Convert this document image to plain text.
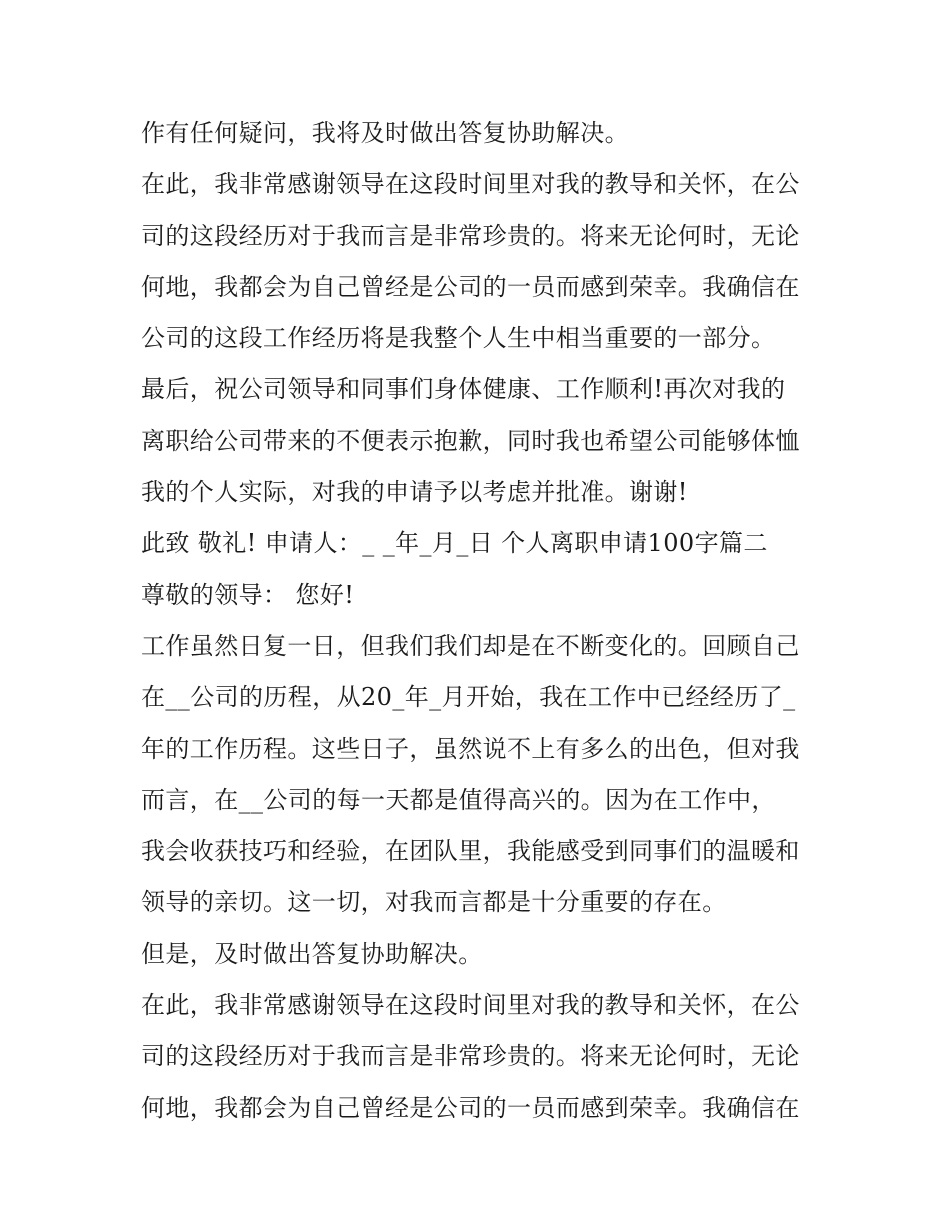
作有任何疑问，我将及时做出答复协助解决。
在此，我非常感谢领导在这段时间里对我的教导和关怀，在公
司的这段经历对于我而言是非常珍贵的。将来无论何时，无论
何地，我都会为自己曾经是公司的一员而感到荣幸。我确信在
公司的这段工作经历将是我整个人生中相当重要的一部分。
最后，祝公司领导和同事们身体健康、工作顺利!再次对我的
离职给公司带来的不便表示抱歉，同时我也希望公司能够体恤
我的个人实际，对我的申请予以考虑并批准。谢谢!
此致 敬礼! 申请人：_ _年_月_日 个人离职申请100字篇二
尊敬的领导： 您好!
工作虽然日复一日，但我们我们却是在不断变化的。回顾自己
在__公司的历程，从20_年_月开始，我在工作中已经经历了_
年的工作历程。这些日子，虽然说不上有多么的出色，但对我
而言，在__公司的每一天都是值得高兴的。因为在工作中，
我会收获技巧和经验，在团队里，我能感受到同事们的温暖和
领导的亲切。这一切，对我而言都是十分重要的存在。
但是，及时做出答复协助解决。
在此，我非常感谢领导在这段时间里对我的教导和关怀，在公
司的这段经历对于我而言是非常珍贵的。将来无论何时，无论
何地，我都会为自己曾经是公司的一员而感到荣幸。我确信在
